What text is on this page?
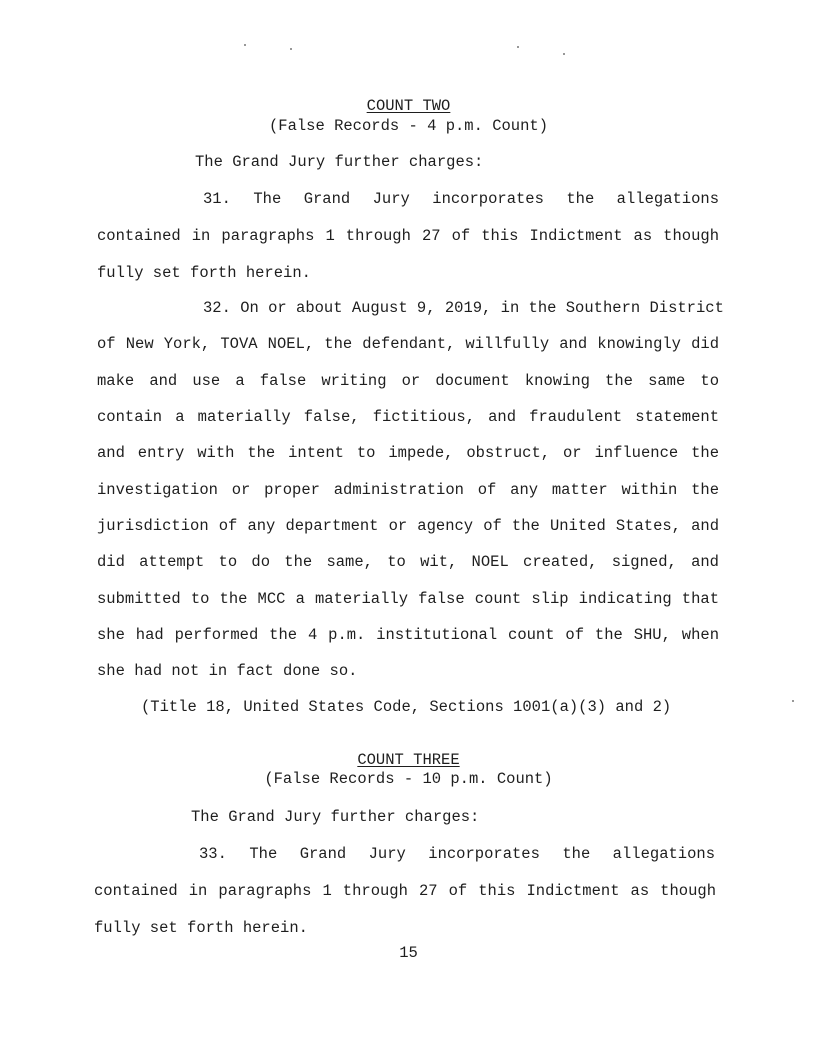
COUNT TWO
(False Records - 4 p.m. Count)
The Grand Jury further charges:
31. The Grand Jury incorporates the allegations
contained in paragraphs 1 through 27 of this Indictment as though
fully set forth herein.
32. On or about August 9, 2019, in the Southern District
of New York, TOVA NOEL, the defendant, willfully and knowingly did
make and use a false writing or document knowing the same to
contain a materially false, fictitious, and fraudulent statement
and entry with the intent to impede, obstruct, or influence the
investigation or proper administration of any matter within the
jurisdiction of any department or agency of the United States, and
did attempt to do the same, to wit, NOEL created, signed, and
submitted to the MCC a materially false count slip indicating that
she had performed the 4 p.m. institutional count of the SHU, when
she had not in fact done so.
(Title 18, United States Code, Sections 1001(a)(3) and 2)
COUNT THREE
(False Records - 10 p.m. Count)
The Grand Jury further charges:
33. The Grand Jury incorporates the allegations
contained in paragraphs 1 through 27 of this Indictment as though
fully set forth herein.
15
